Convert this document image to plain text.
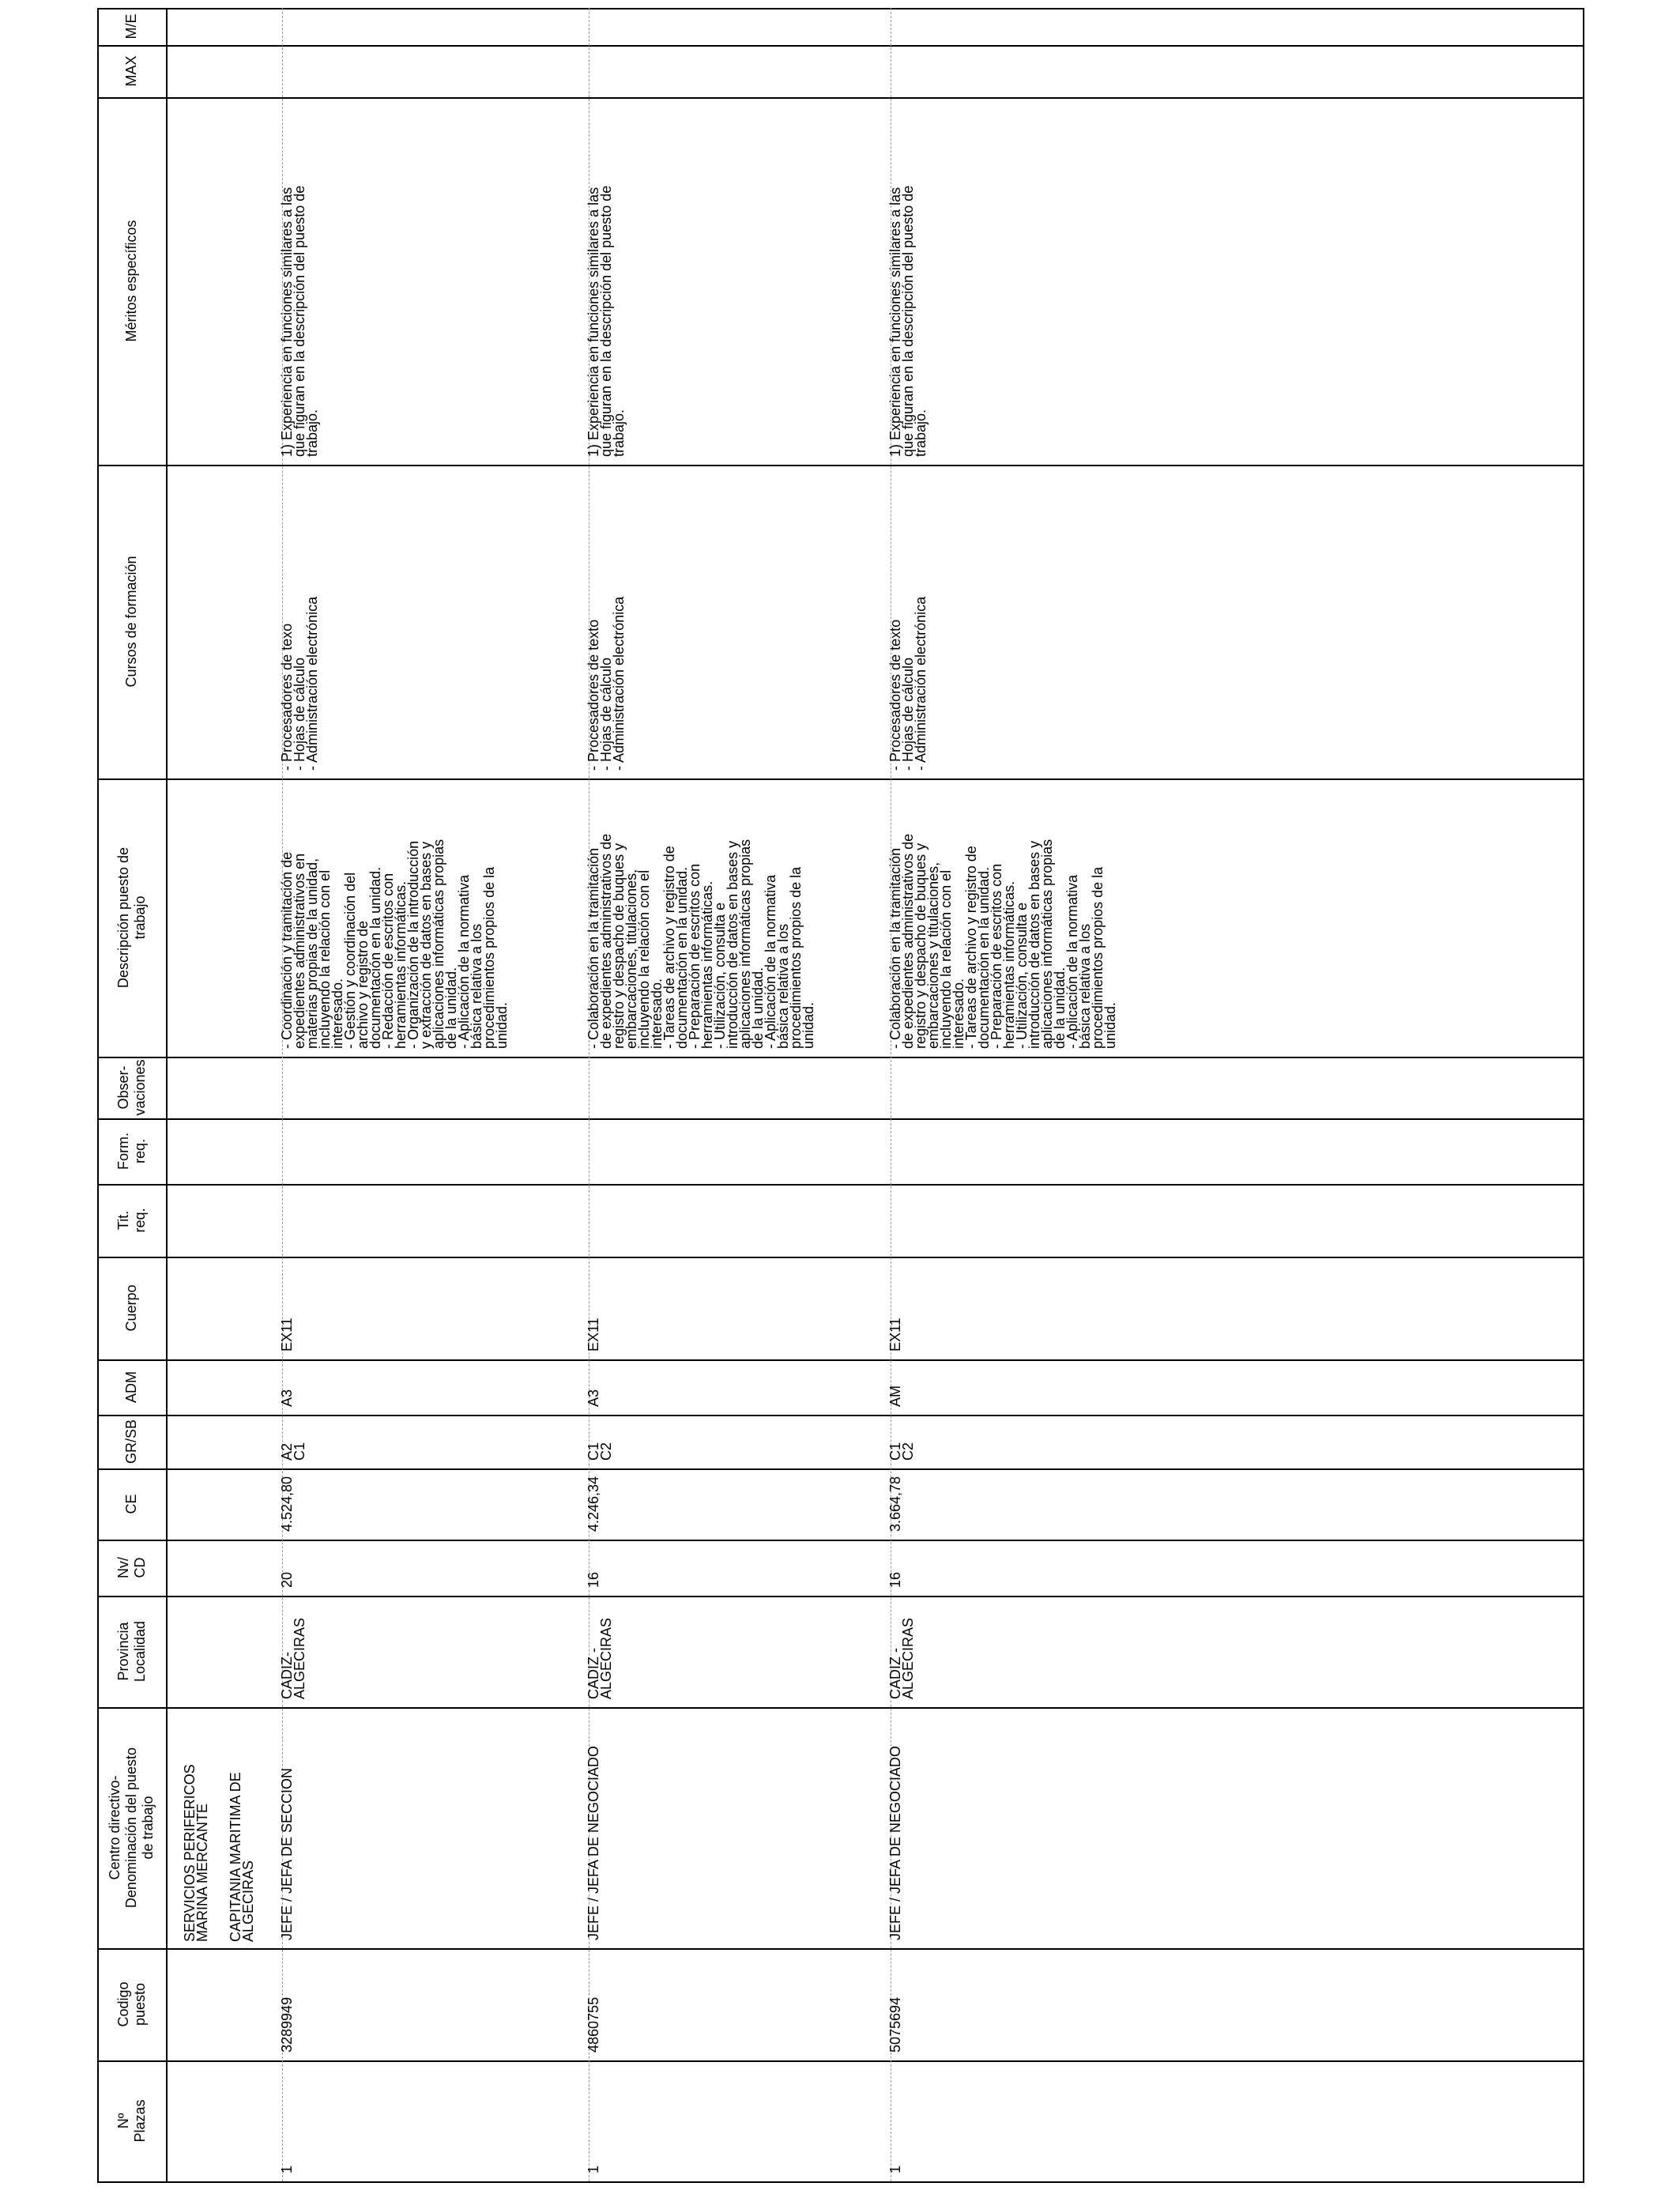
M/E
MAX
Méritos específicos
Cursos de formación
Descripción puesto de
trabajo
Obser-
vaciones
Form.
req.
Tit.
req.
Cuerpo
ADM
GR/SB
CE
Nv/
CD
Provincia
Localidad
Centro directivo-
Denominación del puesto
de trabajo
Codigo
puesto
Nº
Plazas
SERVICIOS PERIFERICOS
MARINA MERCANTE
CAPITANIA MARITIMA DE
ALGECIRAS
1
3289949
JEFE / JEFA DE SECCION
CADIZ-
ALGECIRAS
20
4.524,80
A2
C1
A3
EX11
- Coordinación y tramitación de
expedientes administrativos en
materias propias de la unidad,
incluyendo la relación con el
interesado.
- Gestión y coordinación del
archivo y registro de
documentación en la unidad.
- Redacción de escritos con
herramientas informáticas.
- Organización de la introducción
y extracción de datos en bases y
aplicaciones informáticas propias
de la unidad.
- Aplicación de la normativa
básica relativa a los
procedimientos propios de la
unidad.
- Procesadores de texo
- Hojas de cálculo
- Administración electrónica
1) Experiencia en funciones similares a las
que figuran en la descripción del puesto de
trabajo.
1
4860755
JEFE / JEFA DE NEGOCIADO
CADIZ -
ALGECIRAS
16
4.246,34
C1
C2
A3
EX11
- Colaboración en la tramitación
de expedientes administrativos de
registro y despacho de buques y
embarcaciones, titulaciones,
incluyendo la relación con el
interesado.
- Tareas de archivo y registro de
documentación en la unidad.
- Preparación de escritos con
herramientas informáticas.
- Utilización, consulta e
introducción de datos en bases y
aplicaciones informáticas propias
de la unidad.
- Aplicación de la normativa
básica relativa a los
procedimientos propios de la
unidad.
- Procesadores de texto
- Hojas de cálculo
- Administración electrónica
1) Experiencia en funciones similares a las
que figuran en la descripción del puesto de
trabajo.
1
5075694
JEFE / JEFA DE NEGOCIADO
CADIZ -
ALGECIRAS
16
3.664,78
C1
C2
AM
EX11
- Colaboración en la tramitación
de expedientes administrativos de
registro y despacho de buques y
embarcaciones y titulaciones,
incluyendo la relación con el
interesado.
- Tareas de archivo y registro de
documentación en la unidad.
- Preparación de escritos con
herramientas informáticas.
- Utilización, consulta e
introducción de datos en bases y
aplicaciones informáticas propias
de la unidad.
- Aplicación de la normativa
básica relativa a los
procedimientos propios de la
unidad.
- Procesadores de texto
- Hojas de cálculo
- Administración electrónica
1) Experiencia en funciones similares a las
que figuran en la descripción del puesto de
trabajo.
